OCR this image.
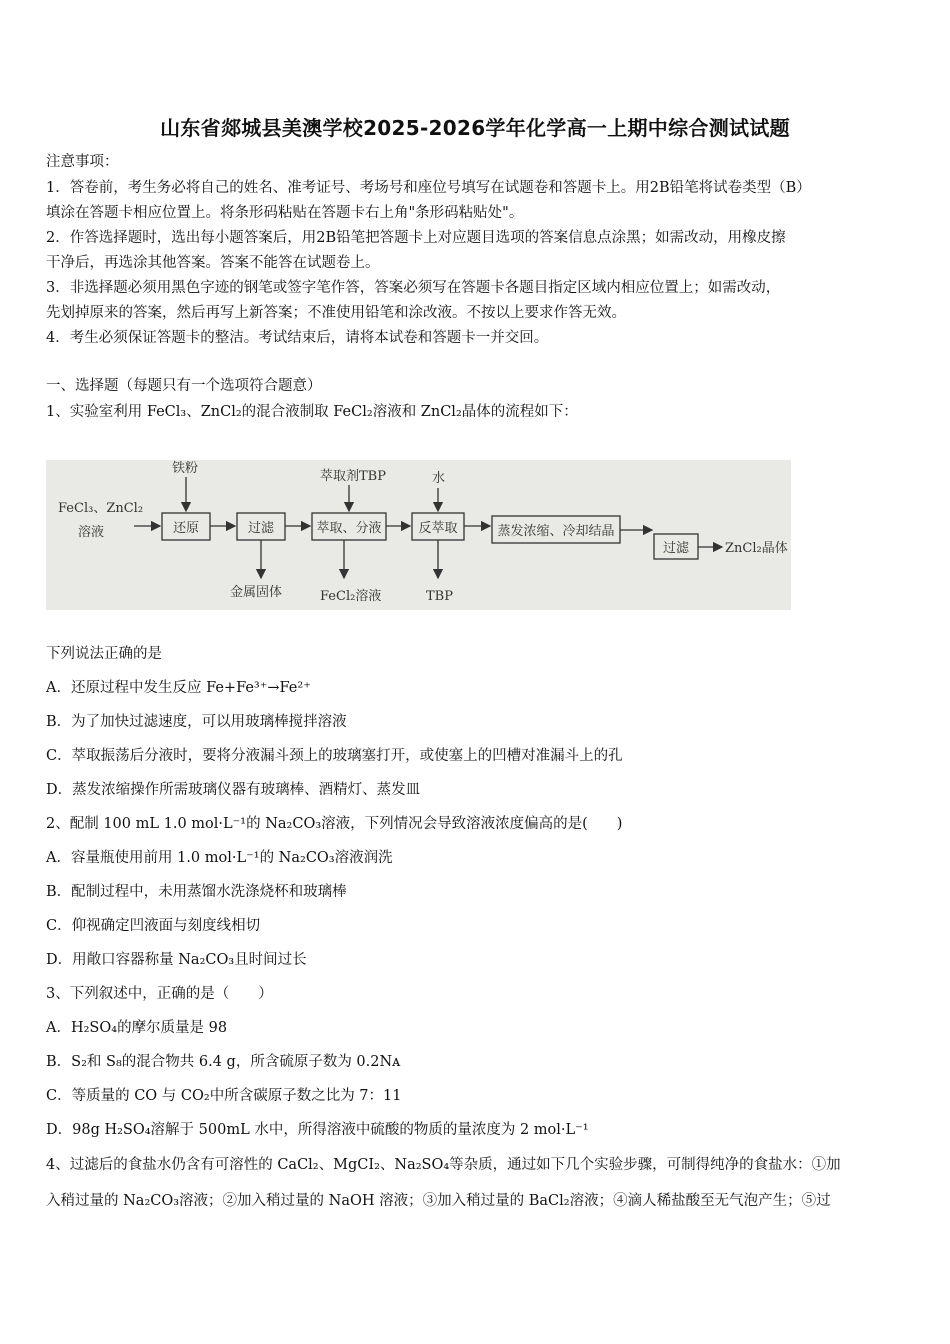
山东省郯城县美澳学校2025-2026学年化学高一上期中综合测试试题
注意事项：
1．答卷前，考生务必将自己的姓名、准考证号、考场号和座位号填写在试题卷和答题卡上。用2B铅笔将试卷类型（B）
填涂在答题卡相应位置上。将条形码粘贴在答题卡右上角"条形码粘贴处"。
2．作答选择题时，选出每小题答案后，用2B铅笔把答题卡上对应题目选项的答案信息点涂黑；如需改动，用橡皮擦
干净后，再选涂其他答案。答案不能答在试题卷上。
3．非选择题必须用黑色字迹的钢笔或签字笔作答，答案必须写在答题卡各题目指定区域内相应位置上；如需改动，
先划掉原来的答案，然后再写上新答案；不准使用铅笔和涂改液。不按以上要求作答无效。
4．考生必须保证答题卡的整洁。考试结束后，请将本试卷和答题卡一并交回。
一、选择题（每题只有一个选项符合题意）
1、实验室利用 FeCl₃、ZnCl₂的混合液制取 FeCl₂溶液和 ZnCl₂晶体的流程如下：
FeCl₃、ZnCl₂
溶液	还原	过滤	萃取、分液	反萃取	蒸发浓缩、冷却结晶
过滤	ZnCl₂晶体
铁粉
萃取剂TBP	水
金属固体	FeCl₂溶液	TBP
下列说法正确的是
A．还原过程中发生反应 Fe+Fe³⁺→Fe²⁺
B．为了加快过滤速度，可以用玻璃棒搅拌溶液
C．萃取振荡后分液时，要将分液漏斗颈上的玻璃塞打开，或使塞上的凹槽对准漏斗上的孔
D．蒸发浓缩操作所需玻璃仪器有玻璃棒、酒精灯、蒸发皿
2、配制 100 mL 1.0 mol·L⁻¹的 Na₂CO₃溶液，下列情况会导致溶液浓度偏高的是(　　)
A．容量瓶使用前用 1.0 mol·L⁻¹的 Na₂CO₃溶液润洗
B．配制过程中，未用蒸馏水洗涤烧杯和玻璃棒
C．仰视确定凹液面与刻度线相切
D．用敞口容器称量 Na₂CO₃且时间过长
3、下列叙述中，正确的是（　　）
A．H₂SO₄的摩尔质量是 98
B．S₂和 S₈的混合物共 6.4 g，所含硫原子数为 0.2Nᴀ
C．等质量的 CO 与 CO₂中所含碳原子数之比为 7：11
D．98g H₂SO₄溶解于 500mL 水中，所得溶液中硫酸的物质的量浓度为 2 mol·L⁻¹
4、过滤后的食盐水仍含有可溶性的 CaCl₂、MgCI₂、Na₂SO₄等杂质，通过如下几个实验步骤，可制得纯净的食盐水：①加
入稍过量的 Na₂CO₃溶液；②加入稍过量的 NaOH 溶液；③加入稍过量的 BaCl₂溶液；④滴人稀盐酸至无气泡产生；⑤过
